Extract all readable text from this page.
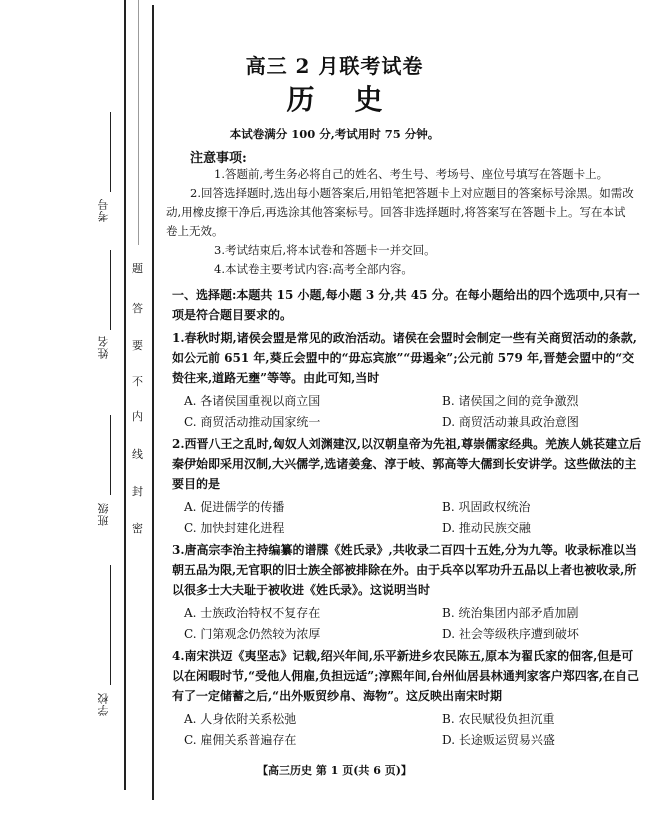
考号
姓名
班级
学校
题
答
要
不
内
线
封
密
高三 2 月联考试卷
历史
本试卷满分 100 分,考试用时 75 分钟。
注意事项:
1.答题前,考生务必将自己的姓名、考生号、考场号、座位号填写在答题卡上。
2.回答选择题时,选出每小题答案后,用铅笔把答题卡上对应题目的答案标号涂黑。如需改动,用橡皮擦干净后,再选涂其他答案标号。回答非选择题时,将答案写在答题卡上。写在本试卷上无效。
3.考试结束后,将本试卷和答题卡一并交回。
4.本试卷主要考试内容:高考全部内容。
一、选择题:本题共 15 小题,每小题 3 分,共 45 分。在每小题给出的四个选项中,只有一项是符合题目要求的。
1.春秋时期,诸侯会盟是常见的政治活动。诸侯在会盟时会制定一些有关商贸活动的条款,如公元前 651 年,葵丘会盟中的“毋忘宾旅”“毋遏籴”;公元前 579 年,晋楚会盟中的“交贽往来,道路无壅”等等。由此可知,当时
A. 各诸侯国重视以商立国	B. 诸侯国之间的竞争激烈
C. 商贸活动推动国家统一	D. 商贸活动兼具政治意图
2.西晋八王之乱时,匈奴人刘渊建汉,以汉朝皇帝为先祖,尊崇儒家经典。羌族人姚苌建立后秦伊始即采用汉制,大兴儒学,选诸姜龛、淳于岐、郭高等大儒到长安讲学。这些做法的主要目的是
A. 促进儒学的传播	B. 巩固政权统治
C. 加快封建化进程	D. 推动民族交融
3.唐高宗李治主持编纂的谱牒《姓氏录》,共收录二百四十五姓,分为九等。收录标准以当朝五品为限,无官职的旧士族全部被排除在外。由于兵卒以军功升五品以上者也被收录,所以很多士大夫耻于被收进《姓氏录》。这说明当时
A. 士族政治特权不复存在	B. 统治集团内部矛盾加剧
C. 门第观念仍然较为浓厚	D. 社会等级秩序遭到破坏
4.南宋洪迈《夷坚志》记载,绍兴年间,乐平新进乡农民陈五,原本为翟氏家的佃客,但是可以在闲暇时节,“受他人佣雇,负担远适”;淳熙年间,台州仙居县林通判家客户郑四客,在自己有了一定储蓄之后,“出外贩贸纱帛、海物”。这反映出南宋时期
A. 人身依附关系松弛	B. 农民赋役负担沉重
C. 雇佣关系普遍存在	D. 长途贩运贸易兴盛
【高三历史 第 1 页(共 6 页)】
